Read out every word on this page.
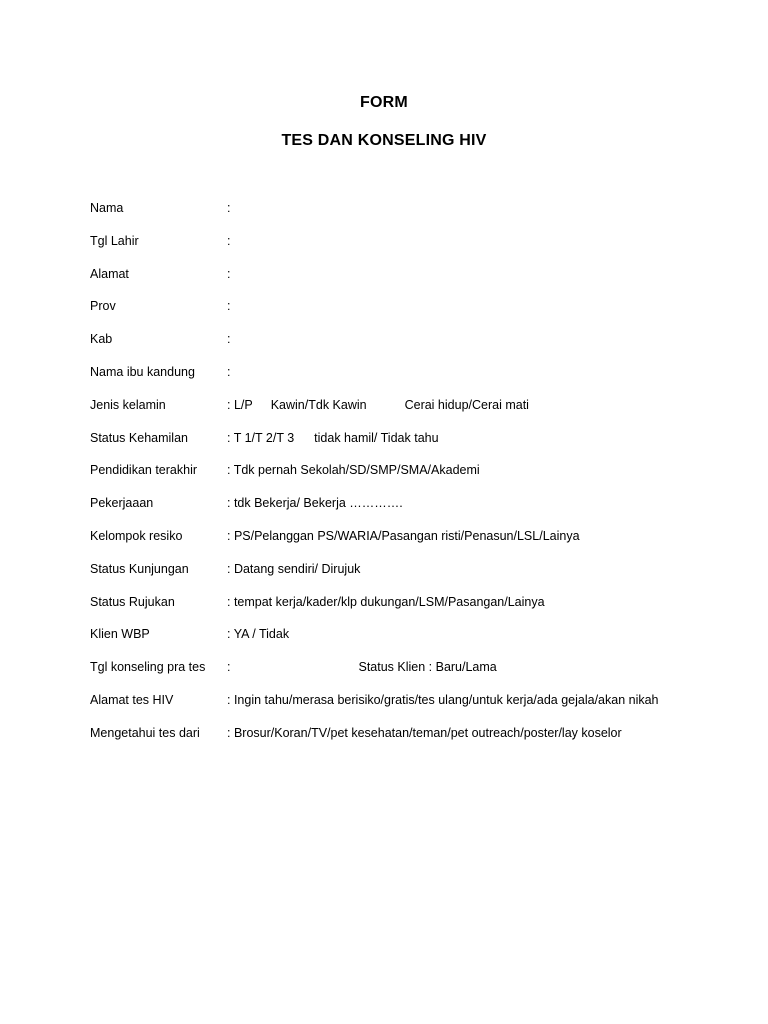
FORM
TES DAN KONSELING HIV
Nama	:
Tgl Lahir	:
Alamat	:
Prov	:
Kab	:
Nama ibu kandung	:
Jenis kelamin	: L/P Kawin/Tdk Kawin	Cerai hidup/Cerai mati
Status Kehamilan	: T 1/T 2/T 3 tidak hamil/ Tidak tahu
Pendidikan terakhir : Tdk pernah Sekolah/SD/SMP/SMA/Akademi
Pekerjaaan	: tdk Bekerja/ Bekerja ………….
Kelompok resiko	: PS/Pelanggan PS/WARIA/Pasangan risti/Penasun/LSL/Lainya
Status Kunjungan	: Datang sendiri/ Dirujuk
Status Rujukan	: tempat kerja/kader/klp dukungan/LSM/Pasangan/Lainya
Klien WBP	: YA / Tidak
Tgl konseling pra tes :	Status Klien : Baru/Lama
Alamat tes HIV	: Ingin tahu/merasa berisiko/gratis/tes ulang/untuk kerja/ada gejala/akan nikah
Mengetahui tes dari : Brosur/Koran/TV/pet kesehatan/teman/pet outreach/poster/lay koselor
